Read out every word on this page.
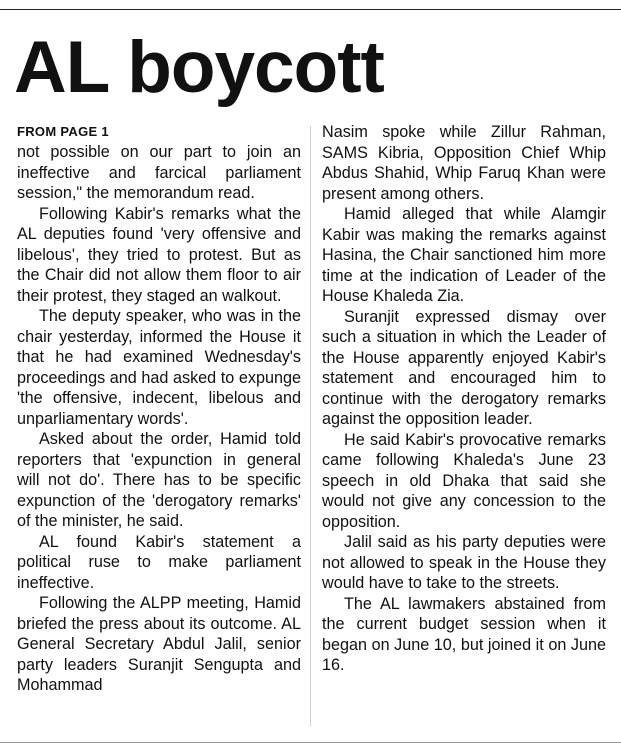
AL boycott
FROM PAGE 1

not possible on our part to join an ineffective and farcical parliament session," the memorandum read.

Following Kabir's remarks what the AL deputies found 'very offensive and libelous', they tried to protest. But as the Chair did not allow them floor to air their protest, they staged an walkout.

The deputy speaker, who was in the chair yesterday, informed the House it that he had examined Wednesday's proceedings and had asked to expunge 'the offensive, indecent, libelous and unparliamentary words'.

Asked about the order, Hamid told reporters that 'expunction in general will not do'. There has to be specific expunction of the 'derogatory remarks' of the minister, he said.

AL found Kabir's statement a political ruse to make parliament ineffective.

Following the ALPP meeting, Hamid briefed the press about its outcome. AL General Secretary Abdul Jalil, senior party leaders Suranjit Sengupta and Mohammad

Nasim spoke while Zillur Rahman, SAMS Kibria, Opposition Chief Whip Abdus Shahid, Whip Faruq Khan were present among others.

Hamid alleged that while Alamgir Kabir was making the remarks against Hasina, the Chair sanctioned him more time at the indication of Leader of the House Khaleda Zia.

Suranjit expressed dismay over such a situation in which the Leader of the House apparently enjoyed Kabir's statement and encouraged him to continue with the derogatory remarks against the opposition leader.

He said Kabir's provocative remarks came following Khaleda's June 23 speech in old Dhaka that said she would not give any concession to the opposition.

Jalil said as his party deputies were not allowed to speak in the House they would have to take to the streets.

The AL lawmakers abstained from the current budget session when it began on June 10, but joined it on June 16.
